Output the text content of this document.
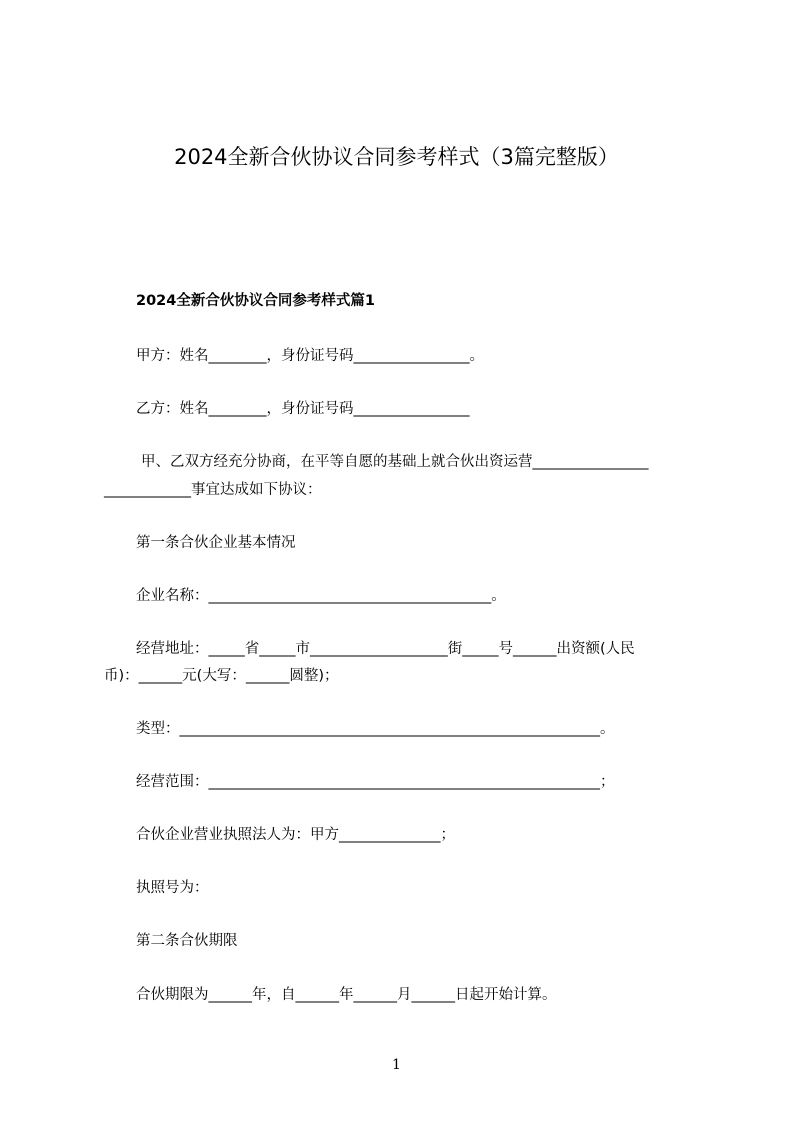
2024全新合伙协议合同参考样式（3篇完整版）
2024全新合伙协议合同参考样式篇1
甲方：姓名________，身份证号码________________。
乙方：姓名________，身份证号码________________
甲、乙双方经充分协商，在平等自愿的基础上就合伙出资运营________________
____________事宜达成如下协议：
第一条合伙企业基本情况
企业名称：_______________________________________。
经营地址：_____省_____市___________________街_____号______出资额(人民
币)：______元(大写：______圆整)；
类型：__________________________________________________________。
经营范围：______________________________________________________；
合伙企业营业执照法人为：甲方______________；
执照号为：
第二条合伙期限
合伙期限为______年，自______年______月______日起开始计算。
1
